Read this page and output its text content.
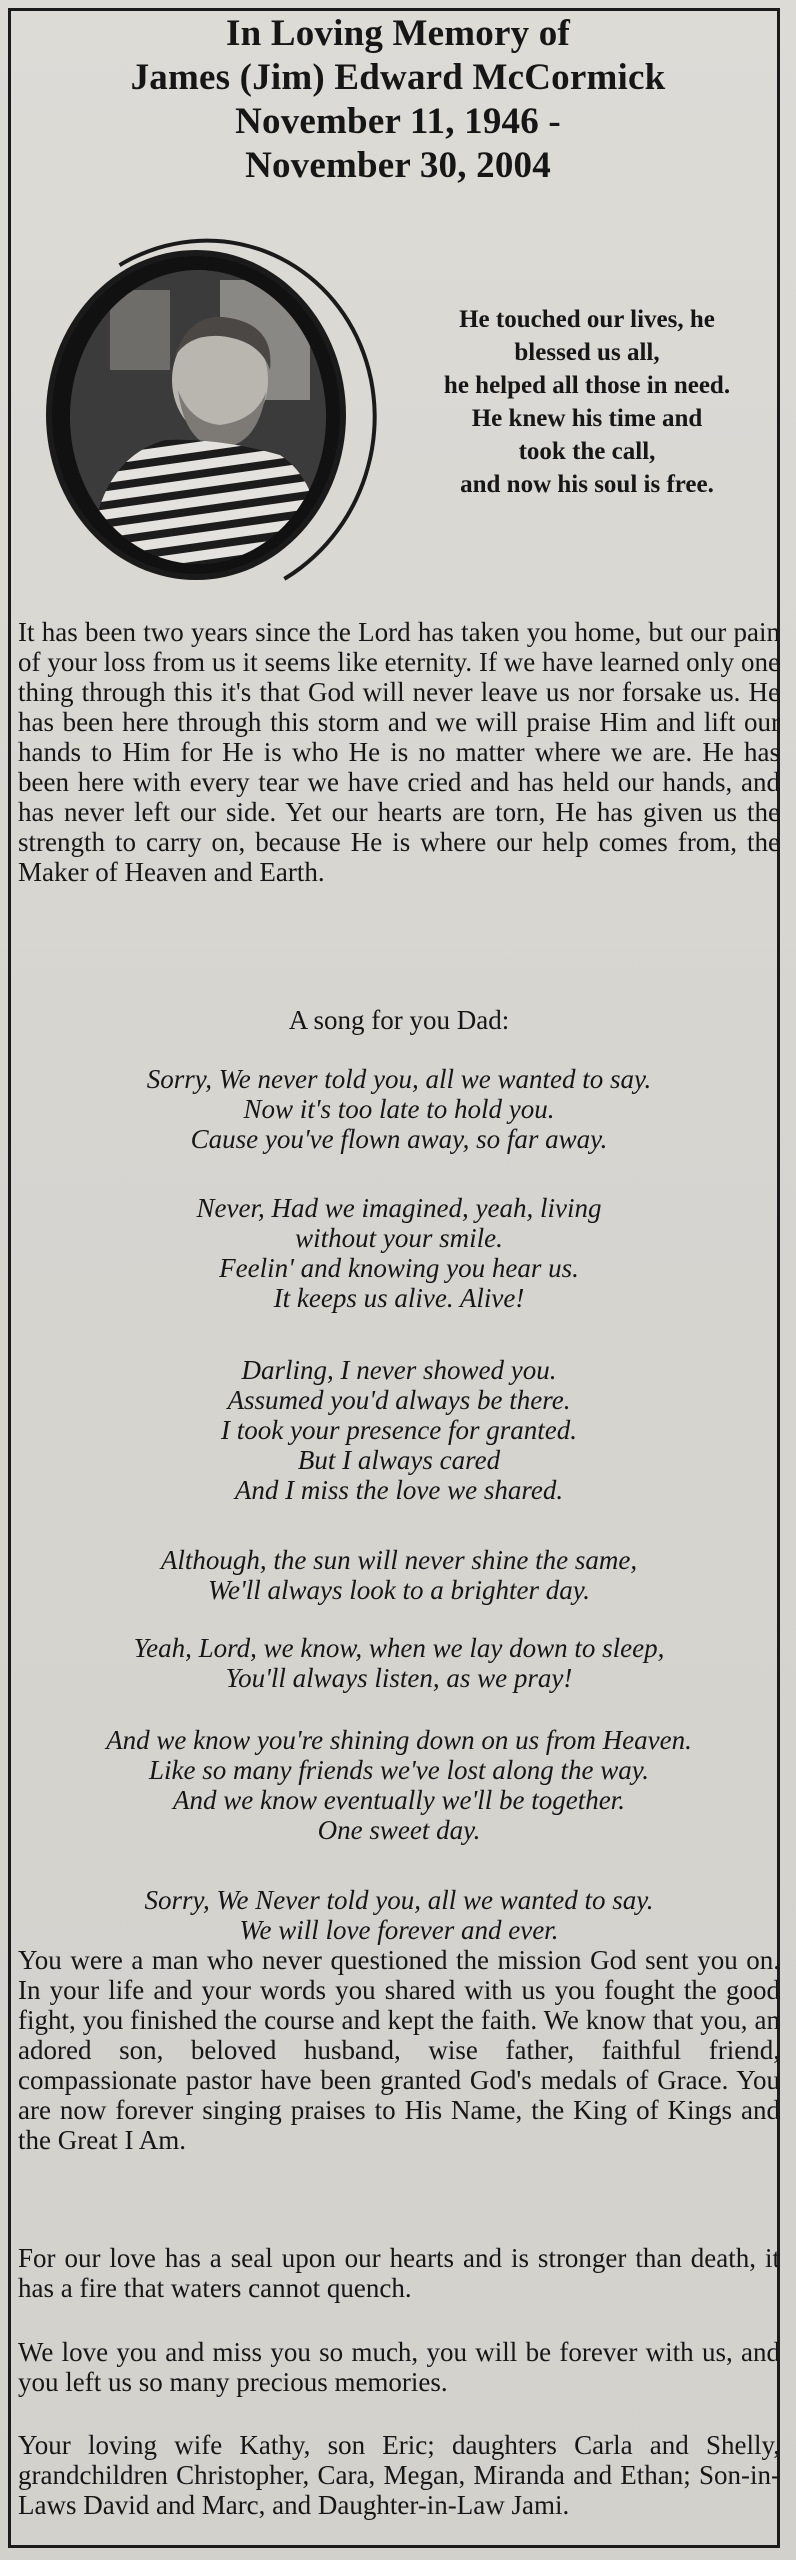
In Loving Memory of
James (Jim) Edward McCormick
November 11, 1946 -
November 30, 2004
He touched our lives, he
blessed us all,
he helped all those in need.
He knew his time and
took the call,
and now his soul is free.
It has been two years since the Lord has taken you home, but our pain of your loss from us it seems like eternity. If we have learned only one thing through this it's that God will never leave us nor forsake us. He has been here through this storm and we will praise Him and lift our hands to Him for He is who He is no matter where we are. He has been here with every tear we have cried and has held our hands, and has never left our side. Yet our hearts are torn, He has given us the strength to carry on, because He is where our help comes from, the Maker of Heaven and Earth.
A song for you Dad:
Sorry, We never told you, all we wanted to say.
Now it's too late to hold you.
Cause you've flown away, so far away.
Never, Had we imagined, yeah, living
without your smile.
Feelin' and knowing you hear us.
It keeps us alive. Alive!
Darling, I never showed you.
Assumed you'd always be there.
I took your presence for granted.
But I always cared
And I miss the love we shared.
Although, the sun will never shine the same,
We'll always look to a brighter day.
Yeah, Lord, we know, when we lay down to sleep,
You'll always listen, as we pray!
And we know you're shining down on us from Heaven.
Like so many friends we've lost along the way.
And we know eventually we'll be together.
One sweet day.
Sorry, We Never told you, all we wanted to say.
We will love forever and ever.
You were a man who never questioned the mission God sent you on. In your life and your words you shared with us you fought the good fight, you finished the course and kept the faith. We know that you, an adored son, beloved husband, wise father, faithful friend, compassionate pastor have been granted God's medals of Grace. You are now forever singing praises to His Name, the King of Kings and the Great I Am.
For our love has a seal upon our hearts and is stronger than death, it has a fire that waters cannot quench.
We love you and miss you so much, you will be forever with us, and you left us so many precious memories.
Your loving wife Kathy, son Eric; daughters Carla and Shelly, grandchildren Christopher, Cara, Megan, Miranda and Ethan; Son-in-Laws David and Marc, and Daughter-in-Law Jami.
